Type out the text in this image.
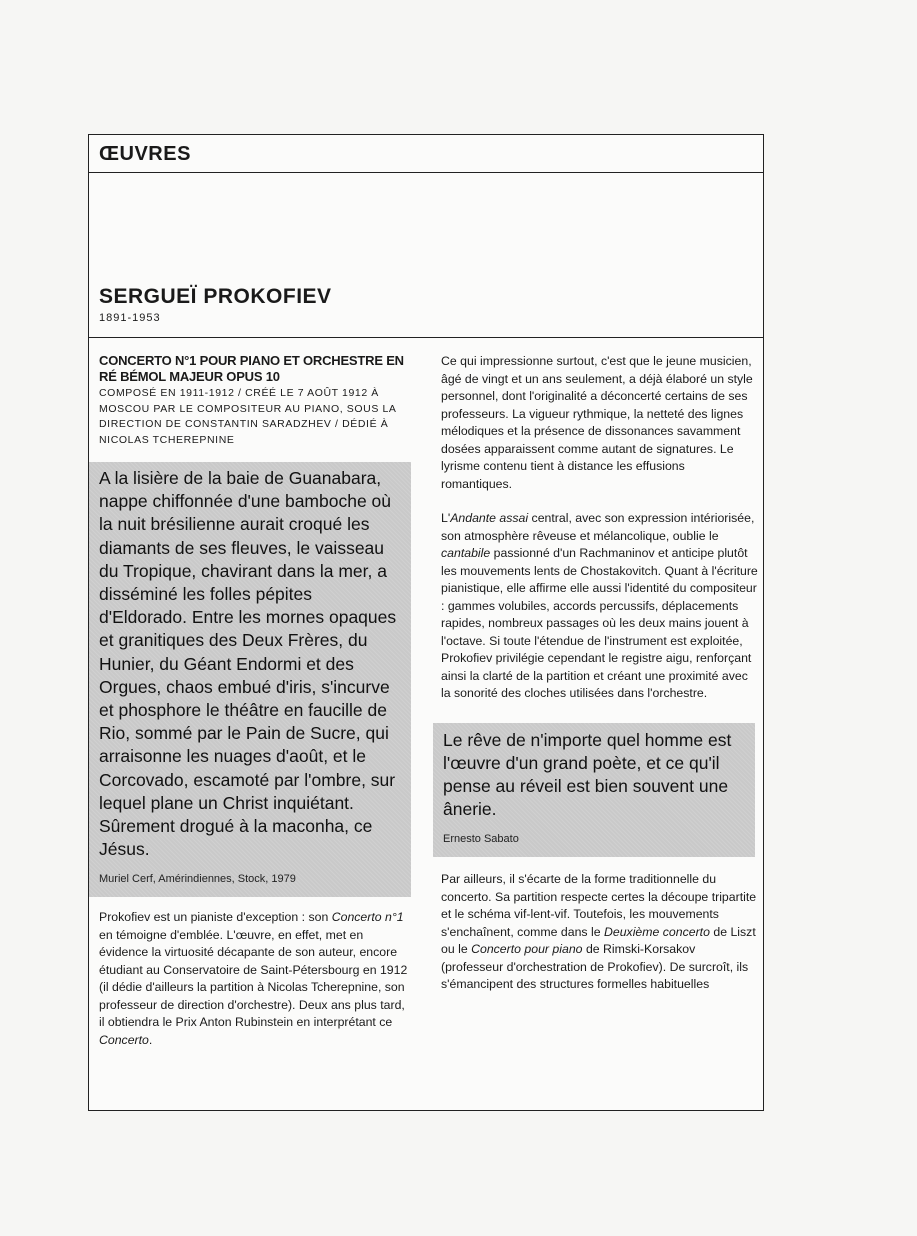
ŒUVRES
SERGUEÏ PROKOFIEV
1891-1953
CONCERTO N°1 POUR PIANO ET ORCHESTRE EN RÉ BÉMOL MAJEUR OPUS 10
COMPOSÉ EN 1911-1912 / CRÉÉ LE 7 AOÛT 1912 À MOSCOU PAR LE COMPOSITEUR AU PIANO, SOUS LA DIRECTION DE CONSTANTIN SARADZHEV / DÉDIÉ À NICOLAS TCHEREPNINE
A la lisière de la baie de Guanabara, nappe chiffonnée d'une bamboche où la nuit brésilienne aurait croqué les diamants de ses fleuves, le vaisseau du Tropique, chavirant dans la mer, a disséminé les folles pépites d'Eldorado. Entre les mornes opaques et granitiques des Deux Frères, du Hunier, du Géant Endormi et des Orgues, chaos embué d'iris, s'incurve et phosphore le théâtre en faucille de Rio, sommé par le Pain de Sucre, qui arraisonne les nuages d'août, et le Corcovado, escamoté par l'ombre, sur lequel plane un Christ inquiétant. Sûrement drogué à la maconha, ce Jésus.
Muriel Cerf, Amérindiennes, Stock, 1979
Prokofiev est un pianiste d'exception : son Concerto n°1 en témoigne d'emblée. L'œuvre, en effet, met en évidence la virtuosité décapante de son auteur, encore étudiant au Conservatoire de Saint-Pétersbourg en 1912 (il dédie d'ailleurs la partition à Nicolas Tcherepnine, son professeur de direction d'orchestre). Deux ans plus tard, il obtiendra le Prix Anton Rubinstein en interprétant ce Concerto.
Ce qui impressionne surtout, c'est que le jeune musicien, âgé de vingt et un ans seulement, a déjà élaboré un style personnel, dont l'originalité a déconcerté certains de ses professeurs. La vigueur rythmique, la netteté des lignes mélodiques et la présence de dissonances savamment dosées apparaissent comme autant de signatures. Le lyrisme contenu tient à distance les effusions romantiques.
L'Andante assai central, avec son expression intériorisée, son atmosphère rêveuse et mélancolique, oublie le cantabile passionné d'un Rachmaninov et anticipe plutôt les mouvements lents de Chostakovitch. Quant à l'écriture pianistique, elle affirme elle aussi l'identité du compositeur : gammes volubiles, accords percussifs, déplacements rapides, nombreux passages où les deux mains jouent à l'octave. Si toute l'étendue de l'instrument est exploitée, Prokofiev privilégie cependant le registre aigu, renforçant ainsi la clarté de la partition et créant une proximité avec la sonorité des cloches utilisées dans l'orchestre.
Le rêve de n'importe quel homme est l'œuvre d'un grand poète, et ce qu'il pense au réveil est bien souvent une ânerie.
Ernesto Sabato
Par ailleurs, il s'écarte de la forme traditionnelle du concerto. Sa partition respecte certes la découpe tripartite et le schéma vif-lent-vif. Toutefois, les mouvements s'enchaînent, comme dans le Deuxième concerto de Liszt ou le Concerto pour piano de Rimski-Korsakov (professeur d'orchestration de Prokofiev). De surcroît, ils s'émancipent des structures formelles habituelles
